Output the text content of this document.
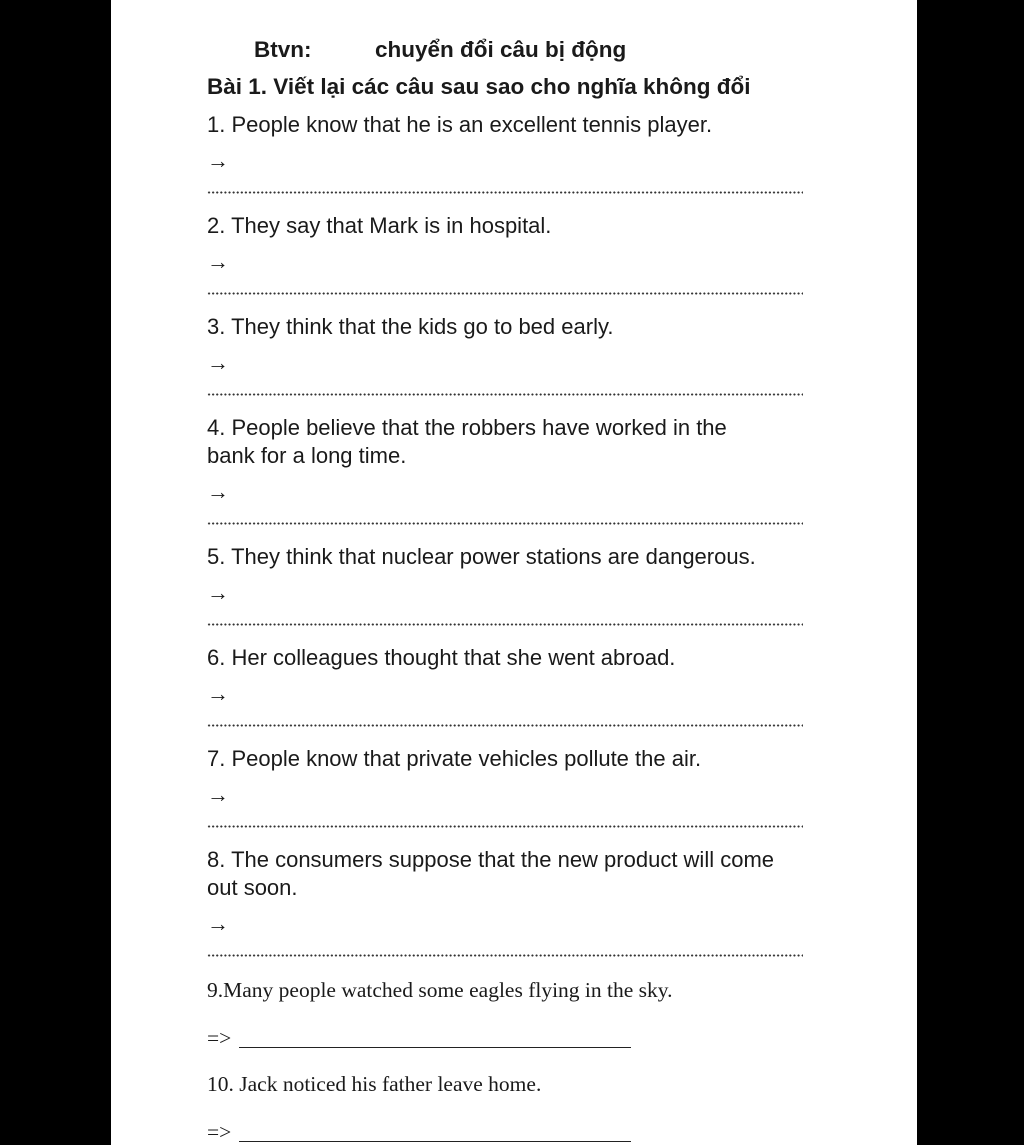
Btvn:	chuyển đổi câu bị động
Bài 1. Viết lại các câu sau sao cho nghĩa không đổi
1. People know that he is an excellent tennis player.
→
2. They say that Mark is in hospital.
→
3. They think that the kids go to bed early.
→
4. People believe that the robbers have worked in the
bank for a long time.
→
5. They think that nuclear power stations are dangerous.
→
6. Her colleagues thought that she went abroad.
→
7. People know that private vehicles pollute the air.
→
8. The consumers suppose that the new product will come
out soon.
→
9.Many people watched some eagles flying in the sky.
=>
10. Jack noticed his father leave home.
=>
